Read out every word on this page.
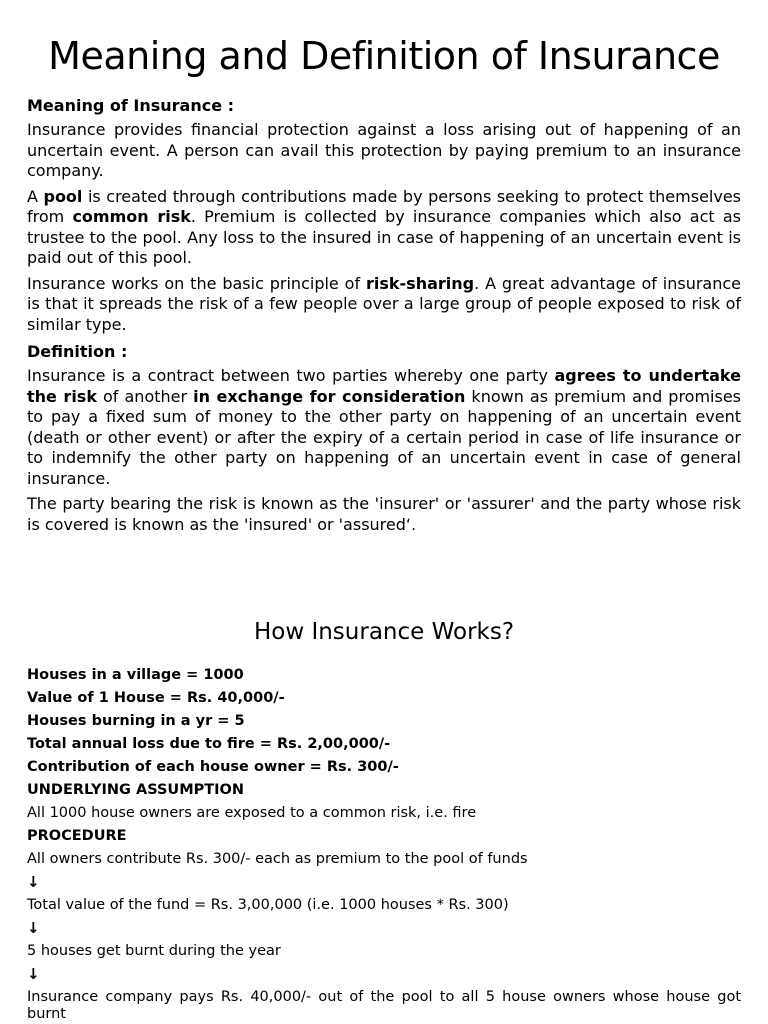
Meaning and Definition of Insurance
Meaning of Insurance :

Insurance provides financial protection against a loss arising out of happening of an uncertain event. A person can avail this protection by paying premium to an insurance company.

A pool is created through contributions made by persons seeking to protect themselves from common risk. Premium is collected by insurance companies which also act as trustee to the pool. Any loss to the insured in case of happening of an uncertain event is paid out of this pool.

Insurance works on the basic principle of risk-sharing. A great advantage of insurance is that it spreads the risk of a few people over a large group of people exposed to risk of similar type.

Definition :

Insurance is a contract between two parties whereby one party agrees to undertake the risk of another in exchange for consideration known as premium and promises to pay a fixed sum of money to the other party on happening of an uncertain event (death or other event) or after the expiry of a certain period in case of life insurance or to indemnify the other party on happening of an uncertain event in case of general insurance.

The party bearing the risk is known as the 'insurer' or 'assurer' and the party whose risk is covered is known as the 'insured' or 'assured‘.

How Insurance Works?
Houses in a village = 1000
Value of 1 House = Rs. 40,000/-
Houses burning in a yr = 5
Total annual loss due to fire = Rs. 2,00,000/-
Contribution of each house owner = Rs. 300/-
UNDERLYING ASSUMPTION
All 1000 house owners are exposed to a common risk, i.e. fire
PROCEDURE
All owners contribute Rs. 300/- each as premium to the pool of funds
↓
Total value of the fund = Rs. 3,00,000 (i.e. 1000 houses * Rs. 300)
↓
5 houses get burnt during the year
↓
Insurance company pays Rs. 40,000/- out of the pool to all 5 house owners whose house got burnt
